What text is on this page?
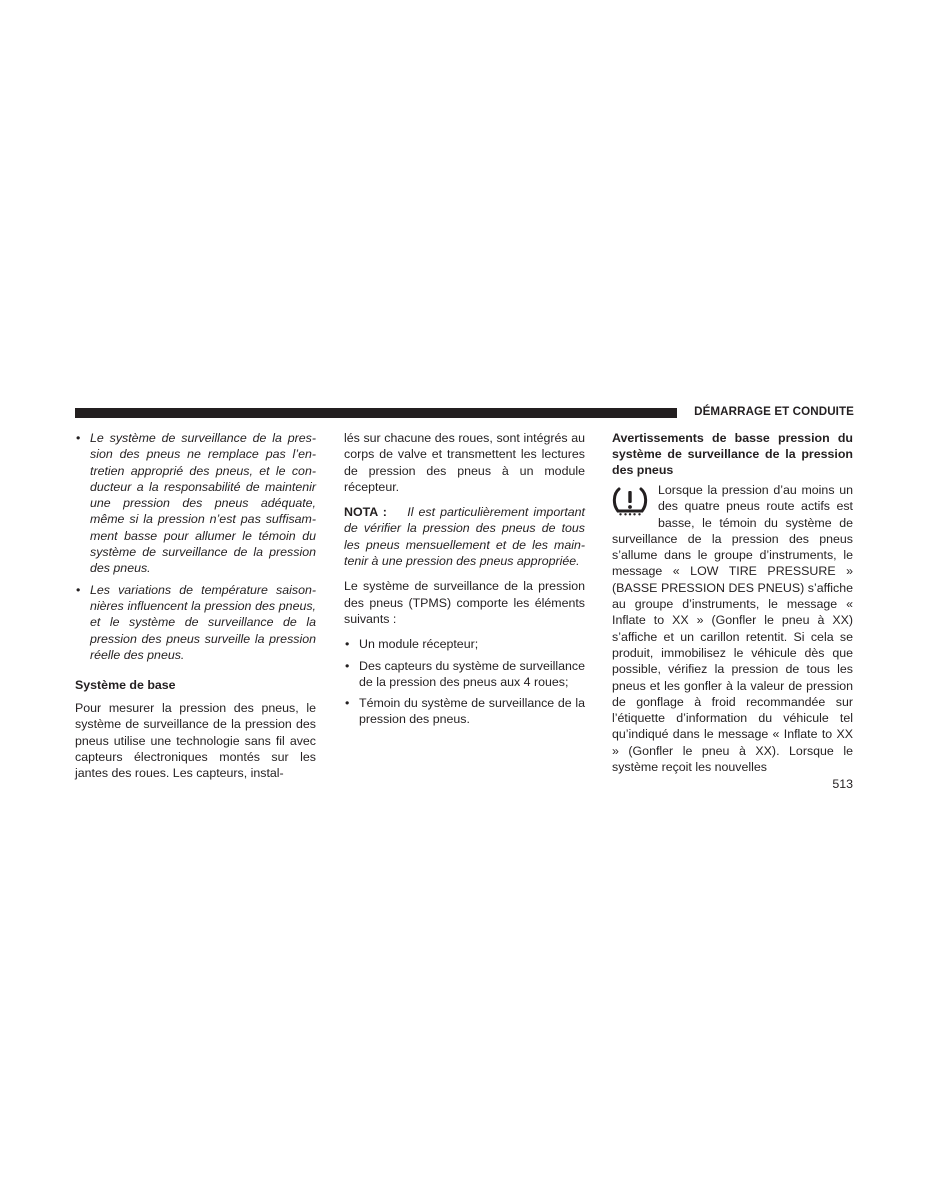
DÉMARRAGE ET CONDUITE
• Le système de surveillance de la pression des pneus ne remplace pas l’entretien approprié des pneus, et le conducteur a la responsabilité de maintenir une pression des pneus adéquate, même si la pression n’est pas suffisamment basse pour allumer le témoin du système de surveillance de la pression des pneus.
• Les variations de température saisonnières influencent la pression des pneus, et le système de surveillance de la pression des pneus surveille la pression réelle des pneus.

Système de base

Pour mesurer la pression des pneus, le système de surveillance de la pression des pneus utilise une technologie sans fil avec capteurs électroniques montés sur les jantes des roues. Les capteurs, instal-

lés sur chacune des roues, sont intégrés au corps de valve et transmettent les lectures de pression des pneus à un module récepteur.

NOTA : Il est particulièrement important de vérifier la pression des pneus de tous les pneus mensuellement et de les maintenir à une pression des pneus appropriée.

Le système de surveillance de la pression des pneus (TPMS) comporte les éléments suivants :

• Un module récepteur;
• Des capteurs du système de surveillance de la pression des pneus aux 4 roues;
• Témoin du système de surveillance de la pression des pneus.

Avertissements de basse pression du système de surveillance de la pression des pneus

Lorsque la pression d’au moins un des quatre pneus route actifs est basse, le témoin du système de surveillance de la pression des pneus s’allume dans le groupe d’instruments, le message « LOW TIRE PRESSURE » (BASSE PRESSION DES PNEUS) s’affiche au groupe d’instruments, le message « Inflate to XX » (Gonfler le pneu à XX) s’affiche et un carillon retentit. Si cela se produit, immobilisez le véhicule dès que possible, vérifiez la pression de tous les pneus et les gonfler à la valeur de pression de gonflage à froid recommandée sur l’étiquette d’information du véhicule tel qu’indiqué dans le message « Inflate to XX » (Gonfler le pneu à XX). Lorsque le système reçoit les nouvelles

513
